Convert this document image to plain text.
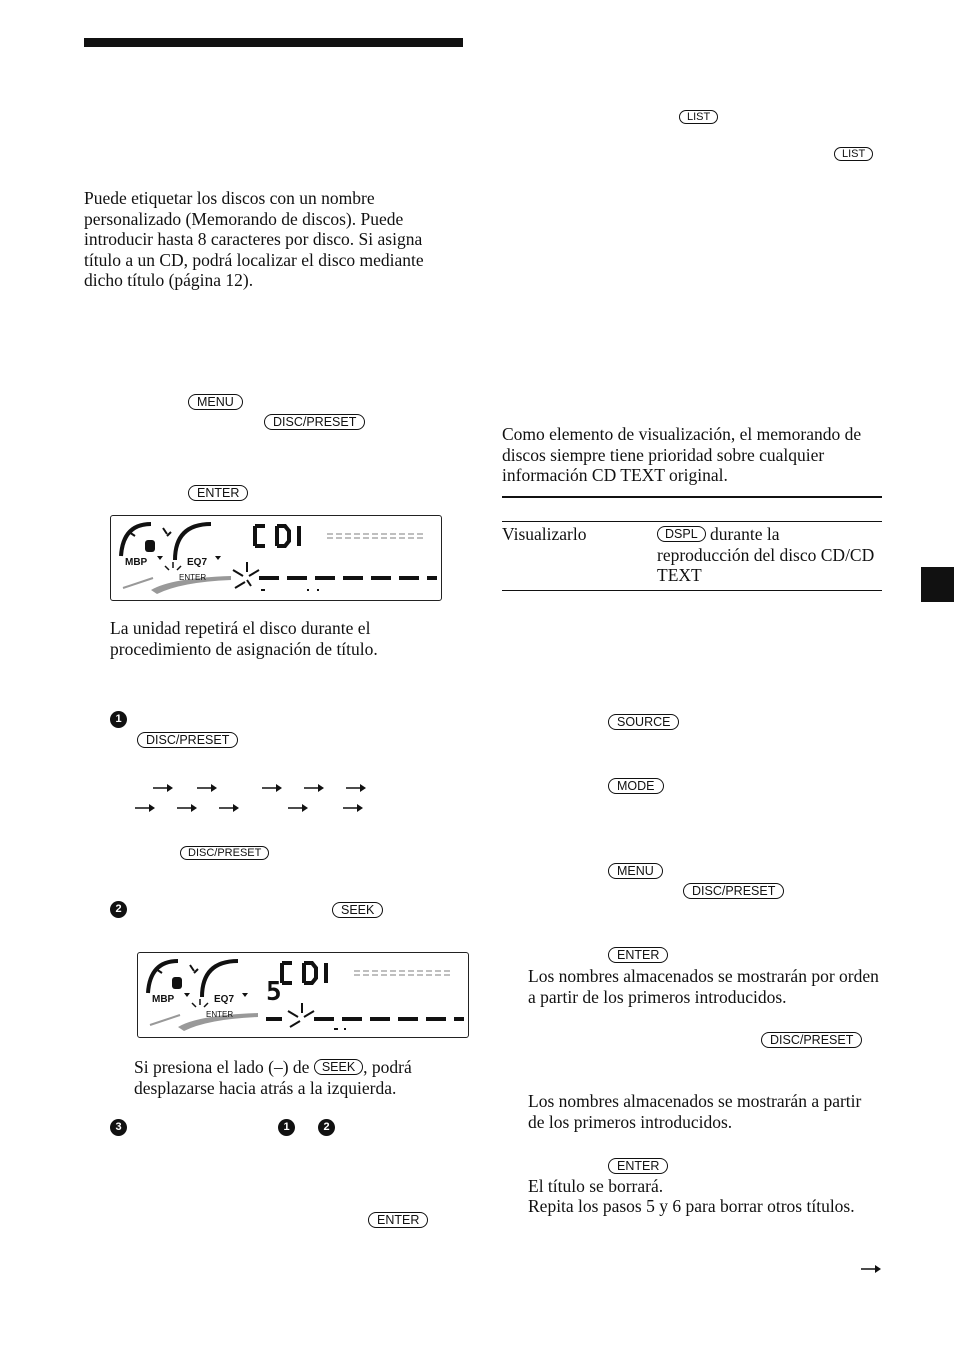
Puede etiquetar los discos con un nombre personalizado (Memorando de discos). Puede introducir hasta 8 caracteres por disco. Si asigna título a un CD, podrá localizar el disco mediante dicho título (página 12).
LIST
LIST
MENU
DISC/PRESET
ENTER
MBP	EQ7
ENTER
La unidad repetirá el disco durante el procedimiento de asignación de título.
1
DISC/PRESET
DISC/PRESET
2	SEEK
MBP	EQ7
ENTER
5
Si presiona el lado (–) de SEEK , podrá desplazarse hacia atrás a la izquierda.
3	1	2
ENTER
Como elemento de visualización, el memorando de discos siempre tiene prioridad sobre cualquier información CD TEXT original.
Visualizarlo	DSPL durante la
reproducción del disco CD/CD TEXT
SOURCE
MODE
MENU
DISC/PRESET
ENTER
Los nombres almacenados se mostrarán por orden a partir de los primeros introducidos.
DISC/PRESET
Los nombres almacenados se mostrarán a partir de los primeros introducidos.
ENTER
El título se borrará.
Repita los pasos 5 y 6 para borrar otros títulos.
